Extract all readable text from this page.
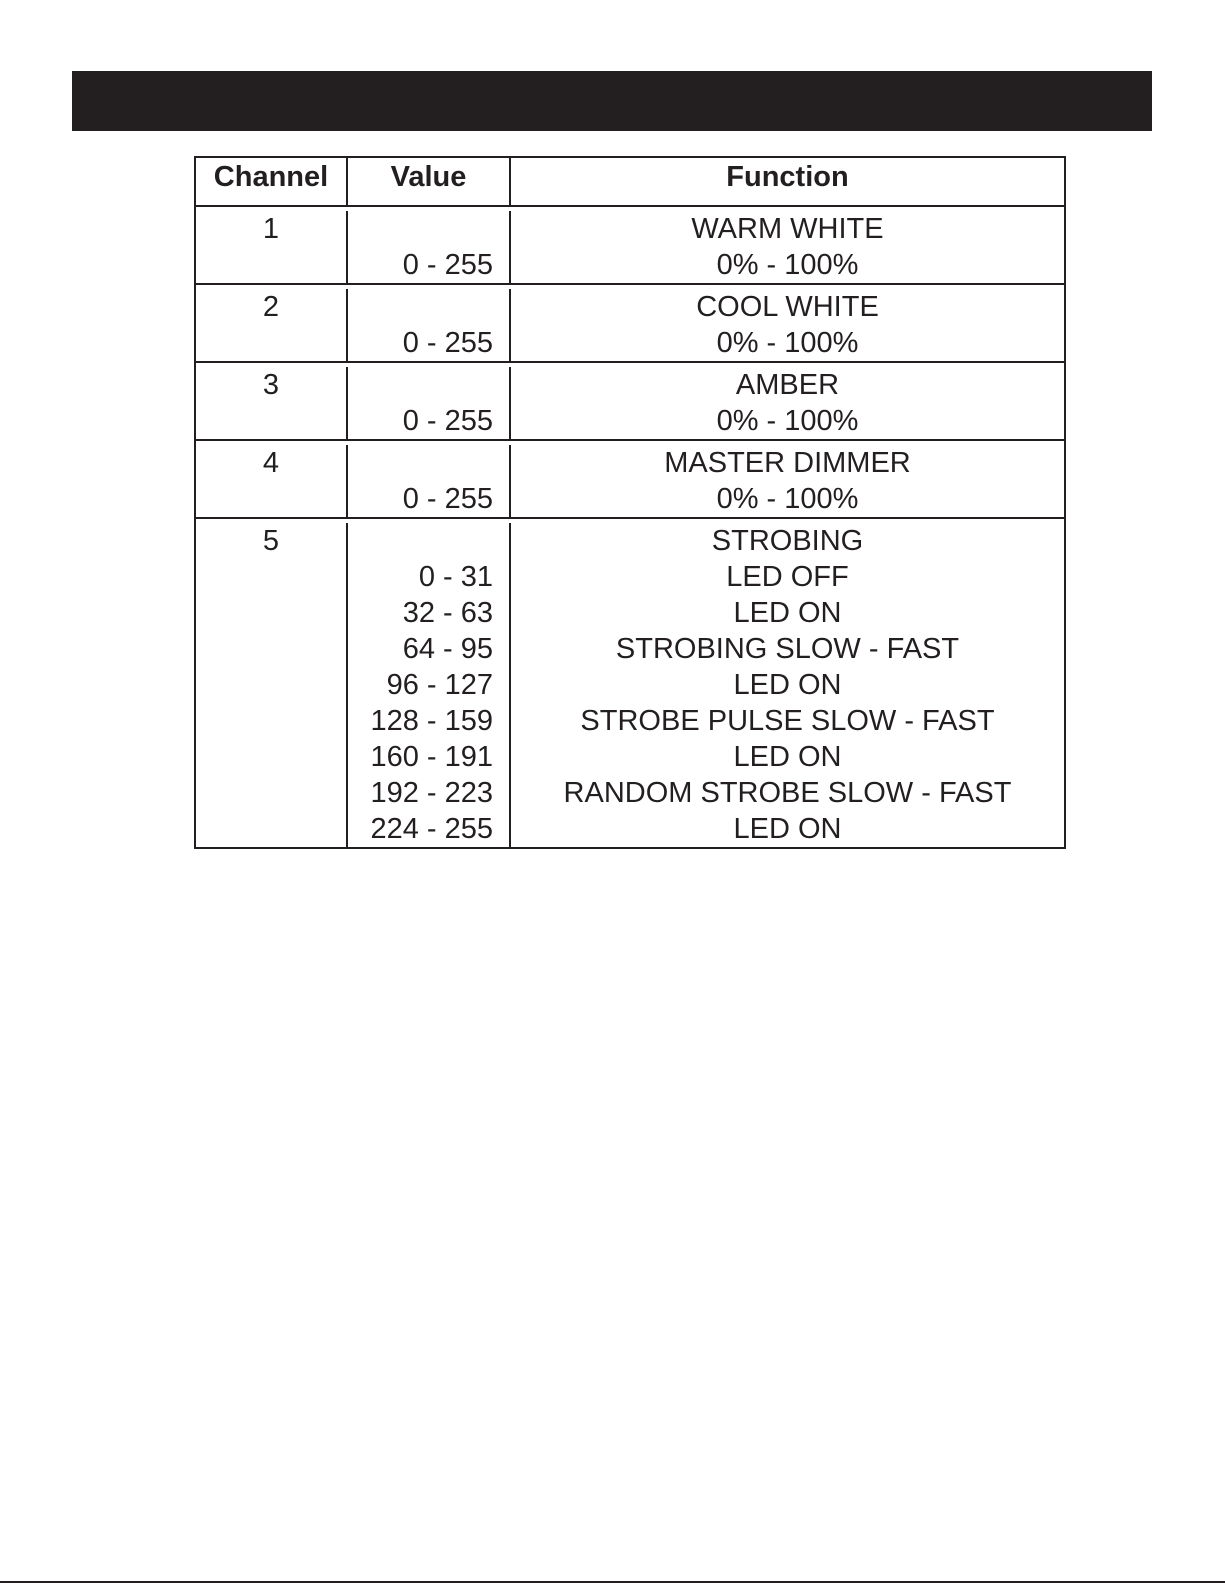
Channel	Value	Function
1
0 - 255
WARM WHITE
0% - 100%
2
0 - 255
COOL WHITE
0% - 100%
3
0 - 255
AMBER
0% - 100%
4
0 - 255
MASTER DIMMER
0% - 100%
5
0 - 31
32 - 63
64 - 95
96 - 127
128 - 159
160 - 191
192 - 223
224 - 255
STROBING
LED OFF
LED ON
STROBING SLOW - FAST
LED ON
STROBE PULSE SLOW - FAST
LED ON
RANDOM STROBE SLOW - FAST
LED ON
